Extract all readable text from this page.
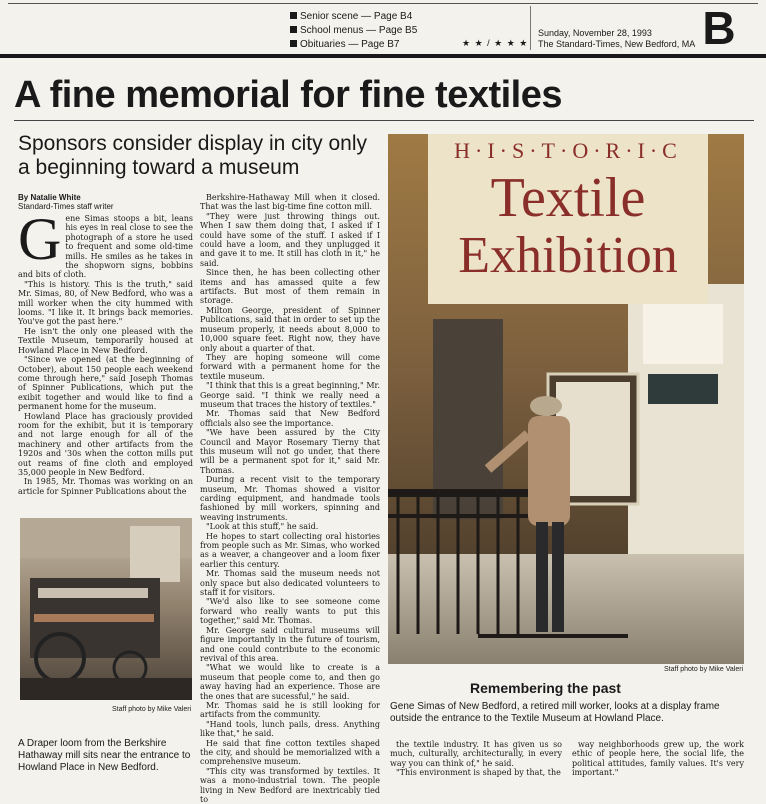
Senior scene — Page B4
School menus — Page B5
Obituaries — Page B7	★ ★ / ★ ★ ★
Sunday, November 28, 1993
The Standard-Times, New Bedford, MA B
A fine memorial for fine textiles
Sponsors consider display in city only a beginning toward a museum
By Natalie White
Standard-Times staff writer
G ene Simas stoops a bit, leans his eyes in real close to see the photograph of a store he used to frequent and some old-time mills. He smiles as he takes in the shopworn signs, bobbins and bits of cloth.

"This is history. This is the truth," said Mr. Simas, 80, of New Bedford, who was a mill worker when the city hummed with looms. "I like it. It brings back memories. You've got the past here."

He isn't the only one pleased with the Textile Museum, temporarily housed at Howland Place in New Bedford.

"Since we opened (at the beginning of October), about 150 people each weekend come through here," said Joseph Thomas of Spinner Publications, which put the exibit together and would like to find a permanent home for the museum.

Howland Place has graciously provided room for the exhibit, but it is temporary and not large enough for all of the machinery and other artifacts from the 1920s and '30s when the cotton mills put out reams of fine cloth and employed 35,000 people in New Bedford.

In 1985, Mr. Thomas was working on an article for Spinner Publications about the

Berkshire-Hathaway Mill when it closed. That was the last big-time fine cotton mill.

"They were just throwing things out. When I saw them doing that, I asked if I could have some of the stuff. I asked if I could have a loom, and they unplugged it and gave it to me. It still has cloth in it," he said.

Since then, he has been collecting other items and has amassed quite a few artifacts. But most of them remain in storage.

Milton George, president of Spinner Publications, said that in order to set up the museum properly, it needs about 8,000 to 10,000 square feet. Right now, they have only about a quarter of that.

They are hoping someone will come forward with a permanent home for the textile museum.

"I think that this is a great beginning," Mr. George said. "I think we really need a museum that traces the history of textiles."

Mr. Thomas said that New Bedford officials also see the importance.

"We have been assured by the City Council and Mayor Rosemary Tierny that this museum will not go under, that there will be a permanent spot for it," said Mr. Thomas.

During a recent visit to the temporary museum, Mr. Thomas showed a visitor carding equipment, and handmade tools fashioned by mill workers, spinning and weaving instruments.

"Look at this stuff," he said.

He hopes to start collecting oral histories from people such as Mr. Simas, who worked as a weaver, a changeover and a loom fixer earlier this century.

Mr. Thomas said the museum needs not only space but also dedicated volunteers to staff it for visitors.

"We'd also like to see someone come forward who really wants to put this together," said Mr. Thomas.

Mr. George said cultural museums will figure importantly in the future of tourism, and one could contribute to the economic revival of this area.

"What we would like to create is a museum that people come to, and then go away having had an experience. Those are the ones that are sucessful," he said.

Mr. Thomas said he is still looking for artifacts from the community.

"Hand tools, lunch pails, dress. Anything like that," he said.

He said that fine cotton textiles shaped the city, and should be memorialized with a comprehensive museum.

"This city was transformed by textiles. It was a mono-industrial town. The people living in New Bedford are inextricably tied to

Staff photo by Mike Valeri
A Draper loom from the Berkshire Hathaway mill sits near the entrance to Howland Place in New Bedford.
H·I·S·T·O·R·I·C
Textile
Exhibition
Staff photo by Mike Valeri
Remembering the past
Gene Simas of New Bedford, a retired mill worker, looks at a display frame outside the entrance to the Textile Museum at Howland Place.

the textile industry. It has given us so much, culturally, architecturally, in every way you can think of," he said.

"This environment is shaped by that, the

way neighborhoods grew up, the work ethic of people here, the social life, the political attitudes, family values. It's very important."
